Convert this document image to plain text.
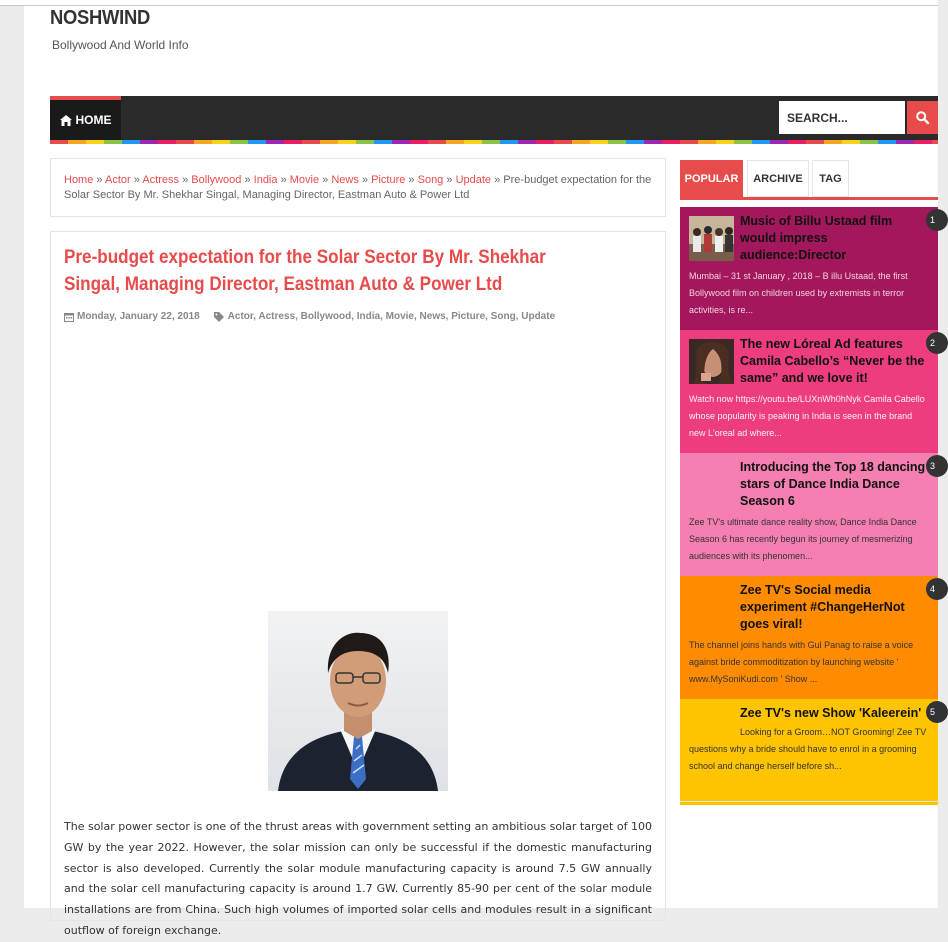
NOSHWIND
Bollywood And World Info
HOME
SEARCH...
Home » Actor » Actress » Bollywood » India » Movie » News » Picture » Song » Update » Pre-budget expectation for the Solar Sector By Mr. Shekhar Singal, Managing Director, Eastman Auto & Power Ltd
Pre-budget expectation for the Solar Sector By Mr. Shekhar Singal, Managing Director, Eastman Auto & Power Ltd
Monday, January 22, 2018	Actor, Actress, Bollywood, India, Movie, News, Picture, Song, Update
The solar power sector is one of the thrust areas with government setting an ambitious solar target of 100 GW by the year 2022. However, the solar mission can only be successful if the domestic manufacturing sector is also developed. Currently the solar module manufacturing capacity is around 7.5 GW annually and the solar cell manufacturing capacity is around 1.7 GW. Currently 85-90 per cent of the solar module installations are from China. Such high volumes of imported solar cells and modules result in a significant outflow of foreign exchange.
POPULAR	ARCHIVE	TAG
Music of Billu Ustaad film would impress audience:Director
Mumbai – 31 st January , 2018 – B illu Ustaad, the first Bollywood film on children used by extremists in terror activities, is re...
1
The new Lóreal Ad features Camila Cabello’s “Never be the same” and we love it!
Watch now https://youtu.be/LUXnWh0hNyk Camila Cabello whose popularity is peaking in India is seen in the brand new L'oreal ad where...
2
Introducing the Top 18 dancing stars of Dance India Dance Season 6
Zee TV's ultimate dance reality show, Dance India Dance Season 6 has recently begun its journey of mesmerizing audiences with its phenomen...
3
Zee TV's Social media experiment #ChangeHerNot goes viral!
The channel joins hands with Gul Panag to raise a voice against bride commoditization by launching website ' www.MySoniKudi.com ' Show ...
4
Zee TV's new Show 'Kaleerein'
Looking for a Groom…NOT Grooming! Zee TV questions why a bride should have to enrol in a grooming school and change herself before sh...
5
